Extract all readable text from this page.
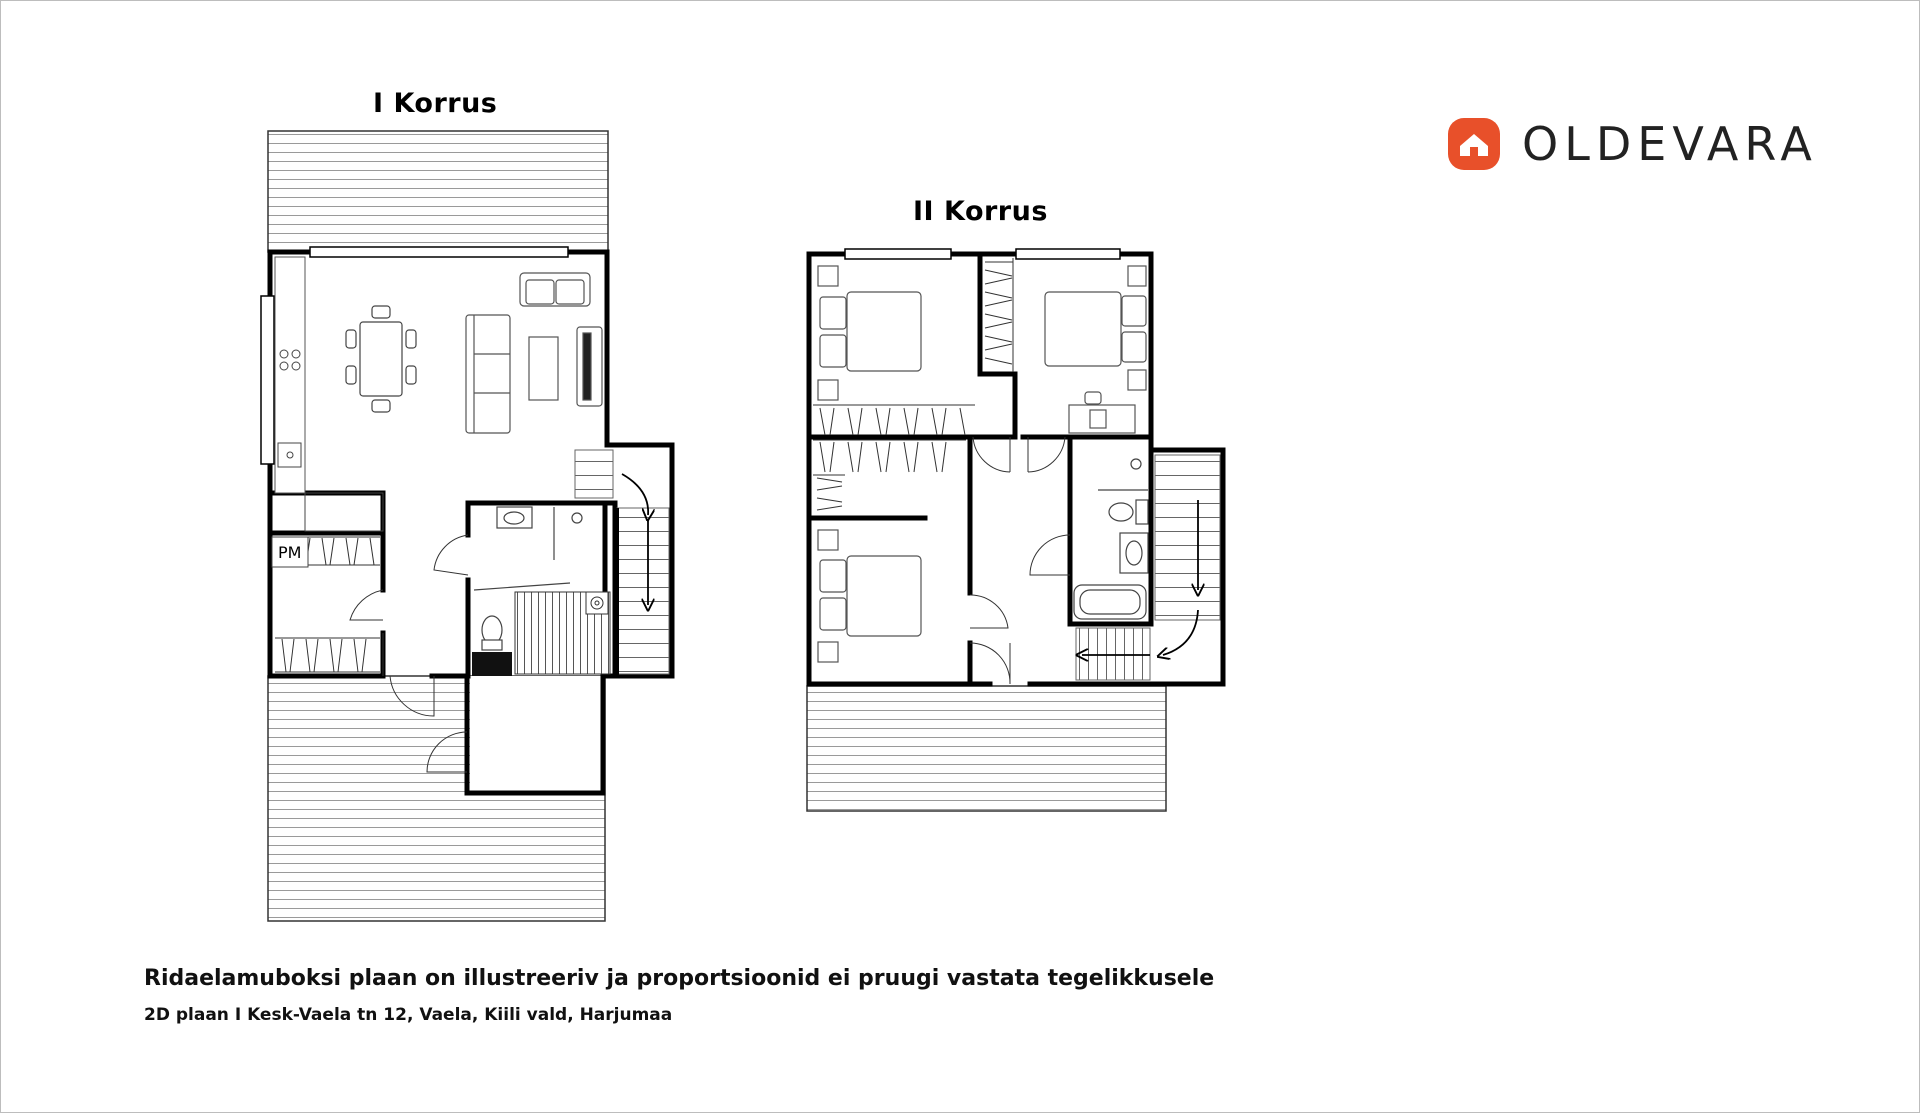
I Korrus
II Korrus
OLDEVARA
PM
Ridaelamuboksi plaan on illustreeriv ja proportsioonid ei pruugi vastata tegelikkusele
2D plaan I Kesk-Vaela tn 12, Vaela, Kiili vald, Harjumaa
